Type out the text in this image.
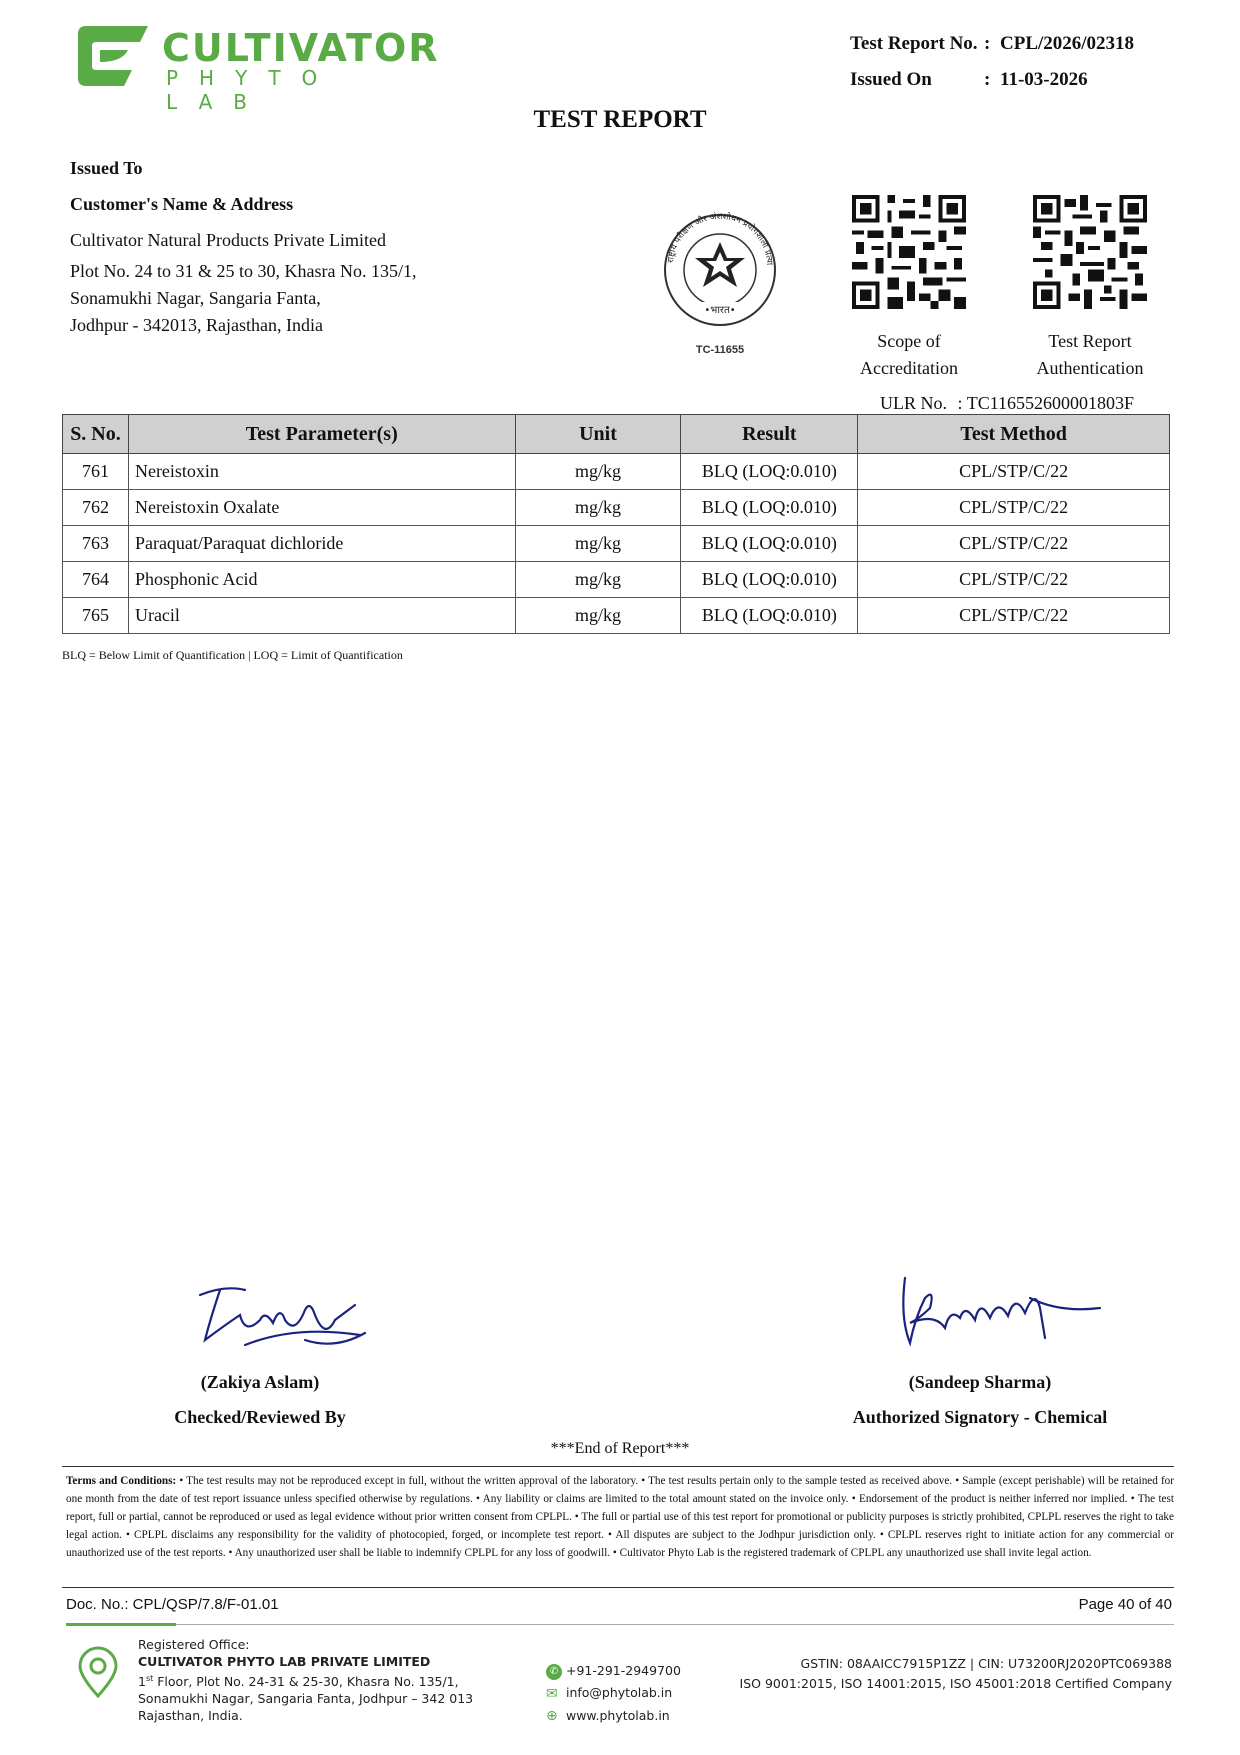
CULTIVATOR
PHYTO LAB
Test Report No. : CPL/2026/02318
Issued On	: 11-03-2026
TEST REPORT
Issued To
Customer's Name & Address
Cultivator Natural Products Private Limited
Plot No. 24 to 31 & 25 to 30, Khasra No. 135/1,
Sonamukhi Nagar, Sangaria Fanta,
Jodhpur - 342013, Rajasthan, India
राष्ट्रीय परीक्षण और अंशशोधन प्रयोगशाला प्रत्या
•भारत•
TC-11655	Scope of
Accreditation
Test Report
Authentication
ULR No. : TC116552600001803F
S. No.	Test Parameter(s)	Unit	Result	Test Method
761	Nereistoxin	mg/kg	BLQ (LOQ:0.010)	CPL/STP/C/22
762	Nereistoxin Oxalate	mg/kg	BLQ (LOQ:0.010)	CPL/STP/C/22
763	Paraquat/Paraquat dichloride	mg/kg	BLQ (LOQ:0.010)	CPL/STP/C/22
764	Phosphonic Acid	mg/kg	BLQ (LOQ:0.010)	CPL/STP/C/22
765	Uracil	mg/kg	BLQ (LOQ:0.010)	CPL/STP/C/22
BLQ = Below Limit of Quantification | LOQ = Limit of Quantification
Zakiya
Sandeep
(Zakiya Aslam)
Checked/Reviewed By
(Sandeep Sharma)
Authorized Signatory - Chemical
***End of Report***
Terms and Conditions: • The test results may not be reproduced except in full, without the written approval of the laboratory. • The test results pertain only to the sample tested as received above. • Sample (except perishable) will be retained for one month from the date of test report issuance unless specified otherwise by regulations. • Any liability or claims are limited to the total amount stated on the invoice only. • Endorsement of the product is neither inferred nor implied. • The test report, full or partial, cannot be reproduced or used as legal evidence without prior written consent from CPLPL. • The full or partial use of this test report for promotional or publicity purposes is strictly prohibited, CPLPL reserves the right to take legal action. • CPLPL disclaims any responsibility for the validity of photocopied, forged, or incomplete test report. • All disputes are subject to the Jodhpur jurisdiction only. • CPLPL reserves right to initiate action for any commercial or unauthorized use of the test reports. • Any unauthorized user shall be liable to indemnify CPLPL for any loss of goodwill. • Cultivator Phyto Lab is the registered trademark of CPLPL any unauthorized use shall invite legal action.
Doc. No.: CPL/QSP/7.8/F-01.01	Page 40 of 40
Registered Office:
CULTIVATOR PHYTO LAB PRIVATE LIMITED
1st Floor, Plot No. 24-31 & 25-30, Khasra No. 135/1,
Sonamukhi Nagar, Sangaria Fanta, Jodhpur – 342 013
Rajasthan, India.
✆ +91-291-2949700
✉ info@phytolab.in
⊕ www.phytolab.in
GSTIN: 08AAICC7915P1ZZ | CIN: U73200RJ2020PTC069388
ISO 9001:2015, ISO 14001:2015, ISO 45001:2018 Certified Company
